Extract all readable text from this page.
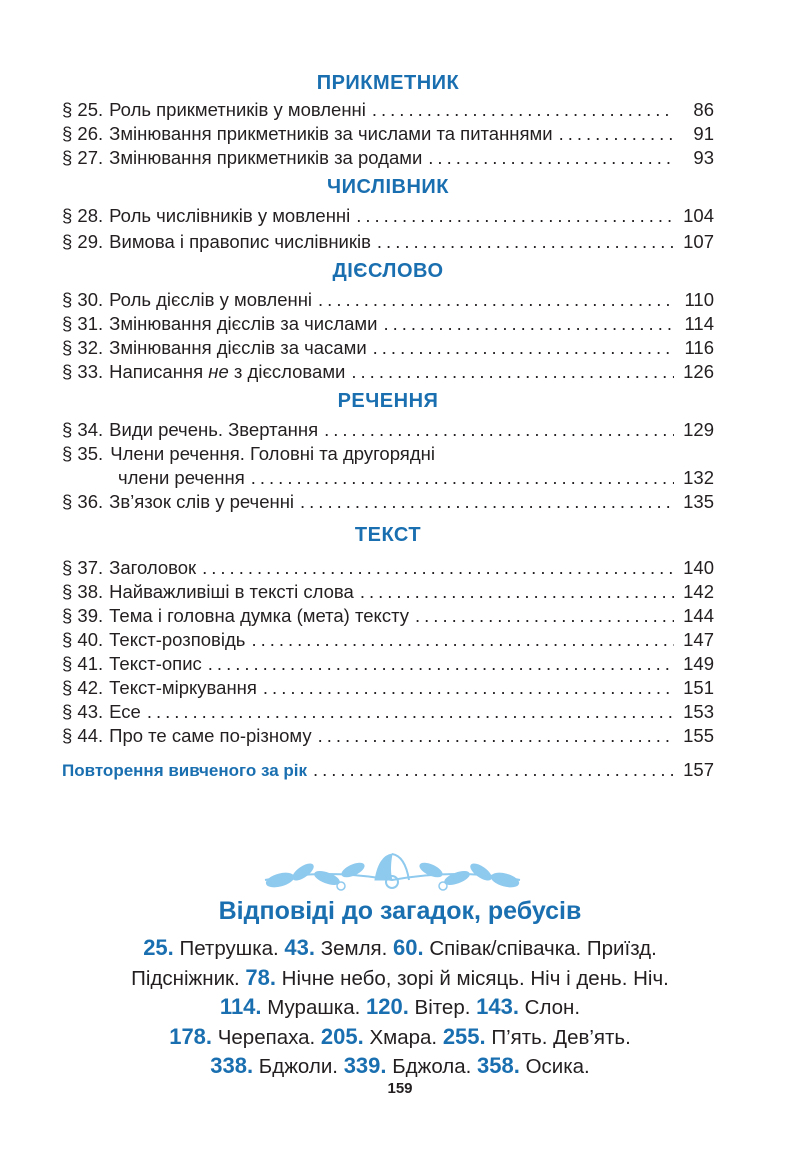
ПРИКМЕТНИК
§ 25. Роль прикметників у мовленні .....	86
§ 26. Змінювання прикметників за числами та питаннями .....	91
§ 27. Змінювання прикметників за родами .....	93
ЧИСЛІВНИК
§ 28. Роль числівників у мовленні .....	104
§ 29. Вимова і правопис числівників .....	107
ДІЄСЛОВО
§ 30. Роль дієслів у мовленні .....	110
§ 31. Змінювання дієслів за числами .....	114
§ 32. Змінювання дієслів за часами .....	116
§ 33. Написання не з дієсловами .....	126
РЕЧЕННЯ
§ 34. Види речень. Звертання .....	129
§ 35. Члени речення. Головні та другорядні
члени речення .....	132
§ 36. Зв’язок слів у реченні .....	135
ТЕКСТ
§ 37. Заголовок .....	140
§ 38. Найважливіші в тексті слова .....	142
§ 39. Тема і головна думка (мета) тексту .....	144
§ 40. Текст-розповідь .....	147
§ 41. Текст-опис .....	149
§ 42. Текст-міркування .....	151
§ 43. Есе .....	153
§ 44. Про те саме по-різному .....	155
Повторення вивченого за рік .....	157
Відповіді до загадок, ребусів
25. Петрушка. 43. Земля. 60. Співак/співачка. Приїзд.
Підсніжник. 78. Нічне небо, зорі й місяць. Ніч і день. Ніч.
114. Мурашка. 120. Вітер. 143. Слон.
178. Черепаха. 205. Хмара. 255. П’ять. Дев’ять.
338. Бджоли. 339. Бджола. 358. Осика.
159
